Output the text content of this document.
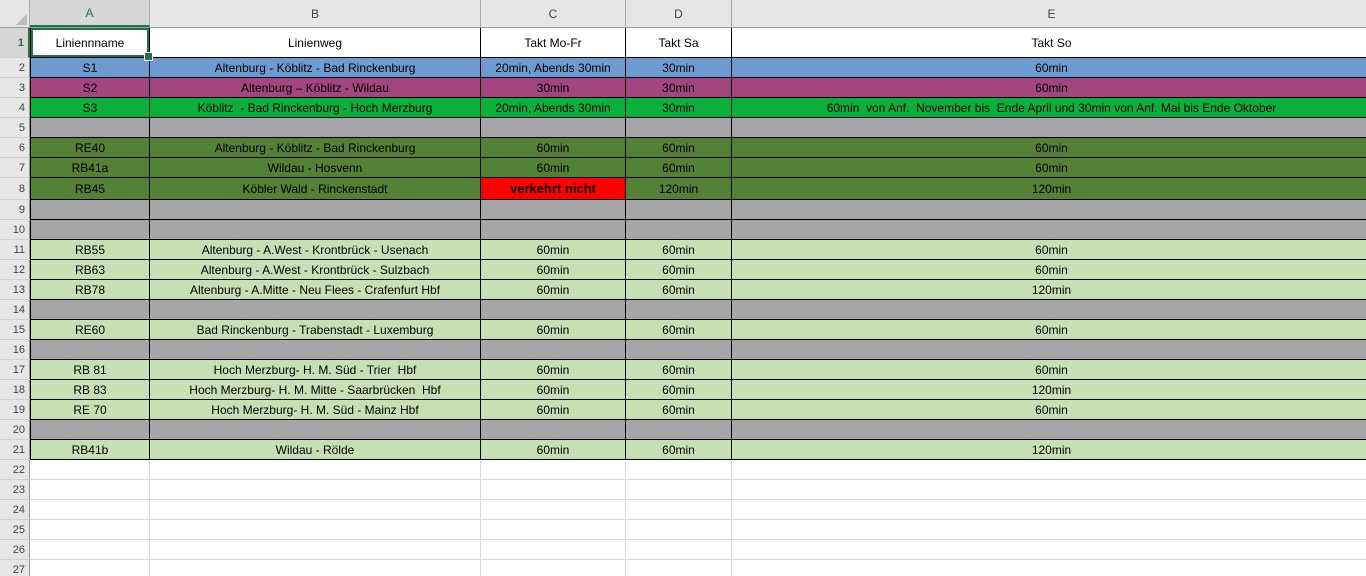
A	B	C	D	E
1	Liniennname	Linienweg	Takt Mo-Fr	Takt Sa	Takt So
2	S1	Altenburg - Köblitz - Bad Rinckenburg	20min, Abends 30min	30min	60min
3	S2	Altenburg – Köblitz - Wildau	30min	30min	60min
4	S3	Köblitz  - Bad Rinckenburg - Hoch Merzburg	20min, Abends 30min	30min	60min  von Anf.  November bis  Ende April und 30min von Anf. Mai bis Ende Oktober
5
6	RE40	Altenburg - Köblitz - Bad Rinckenburg	60min	60min	60min
7	RB41a	Wildau - Hosvenn	60min	60min	60min
8	RB45	Köbler Wald - Rinckenstadt	verkehrt nicht	120min	120min
9
10
11	RB55	Altenburg - A.West - Krontbrück - Usenach	60min	60min	60min
12	RB63	Altenburg - A.West - Krontbrück - Sulzbach	60min	60min	60min
13	RB78	Altenburg - A.Mitte - Neu Flees - Crafenfurt Hbf	60min	60min	120min
14
15	RE60	Bad Rinckenburg - Trabenstadt - Luxemburg	60min	60min	60min
16
17	RB 81	Hoch Merzburg- H. M. Süd - Trier  Hbf	60min	60min	60min
18	RB 83	Hoch Merzburg- H. M. Mitte - Saarbrücken  Hbf	60min	60min	120min
19	RE 70	Hoch Merzburg- H. M. Süd - Mainz Hbf	60min	60min	60min
20
21	RB41b	Wildau - Rölde	60min	60min	120min
22
23
24
25
26
27
